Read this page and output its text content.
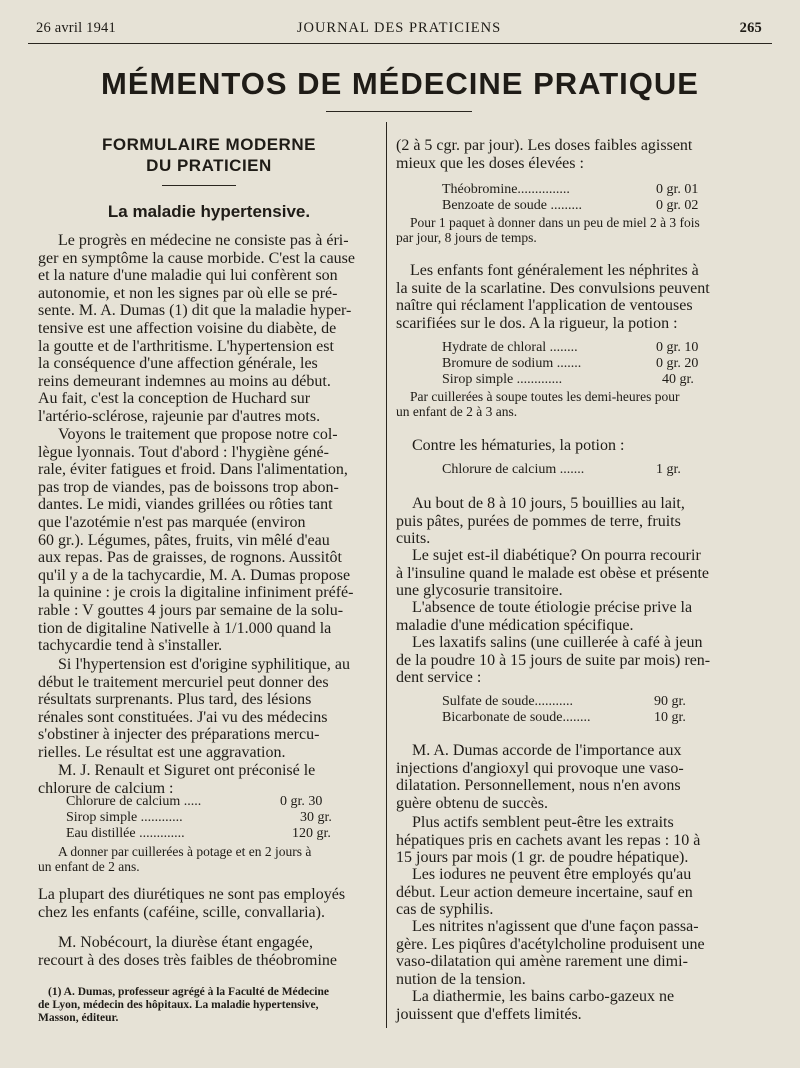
26 avril 1941	JOURNAL DES PRATICIENS	265
MÉMENTOS DE MÉDECINE PRATIQUE
FORMULAIRE MODERNE
DU PRATICIEN
La maladie hypertensive.

Le progrès en médecine ne consiste pas à éri-
ger en symptôme la cause morbide. C'est la cause
et la nature d'une maladie qui lui confèrent son
autonomie, et non les signes par où elle se pré-
sente. M. A. Dumas (1) dit que la maladie hyper-
tensive est une affection voisine du diabète, de
la goutte et de l'arthritisme. L'hypertension est
la conséquence d'une affection générale, les
reins demeurant indemnes au moins au début.
Au fait, c'est la conception de Huchard sur
l'artério-sclérose, rajeunie par d'autres mots.

Voyons le traitement que propose notre col-
lègue lyonnais. Tout d'abord : l'hygiène géné-
rale, éviter fatigues et froid. Dans l'alimentation,
pas trop de viandes, pas de boissons trop abon-
dantes. Le midi, viandes grillées ou rôties tant
que l'azotémie n'est pas marquée (environ
60 gr.). Légumes, pâtes, fruits, vin mêlé d'eau
aux repas. Pas de graisses, de rognons. Aussitôt
qu'il y a de la tachycardie, M. A. Dumas propose
la quinine : je crois la digitaline infiniment préfé-
rable : V gouttes 4 jours par semaine de la solu-
tion de digitaline Nativelle à 1/1.000 quand la
tachycardie tend à s'installer.

Si l'hypertension est d'origine syphilitique, au
début le traitement mercuriel peut donner des
résultats surprenants. Plus tard, des lésions
rénales sont constituées. J'ai vu des médecins
s'obstiner à injecter des préparations mercu-
rielles. Le résultat est une aggravation.

M. J. Renault et Siguret ont préconisé le
chlorure de calcium :

Chlorure de calcium .....	0 gr. 30
Sirop simple ............	30 gr.
Eau distillée .............	120 gr.

A donner par cuillerées à potage et en 2 jours à
un enfant de 2 ans.

La plupart des diurétiques ne sont pas employés
chez les enfants (caféine, scille, convallaria).

M. Nobécourt, la diurèse étant engagée,
recourt à des doses très faibles de théobromine

(1) A. Dumas, professeur agrégé à la Faculté de Médecine
de Lyon, médecin des hôpitaux. La maladie hypertensive,
Masson, éditeur.

(2 à 5 cgr. par jour). Les doses faibles agissent
mieux que les doses élevées :

Théobromine...............	0 gr. 01
Benzoate de soude .........	0 gr. 02

Pour 1 paquet à donner dans un peu de miel 2 à 3 fois
par jour, 8 jours de temps.

Les enfants font généralement les néphrites à
la suite de la scarlatine. Des convulsions peuvent
naître qui réclament l'application de ventouses
scarifiées sur le dos. A la rigueur, la potion :

Hydrate de chloral ........	0 gr. 10
Bromure de sodium .......	0 gr. 20
Sirop simple .............	40 gr.

Par cuillerées à soupe toutes les demi-heures pour
un enfant de 2 à 3 ans.

Contre les hématuries, la potion :

Chlorure de calcium .......	1 gr.

Au bout de 8 à 10 jours, 5 bouillies au lait,
puis pâtes, purées de pommes de terre, fruits
cuits.

Le sujet est-il diabétique? On pourra recourir
à l'insuline quand le malade est obèse et présente
une glycosurie transitoire.

L'absence de toute étiologie précise prive la
maladie d'une médication spécifique.

Les laxatifs salins (une cuillerée à café à jeun
de la poudre 10 à 15 jours de suite par mois) ren-
dent service :

Sulfate de soude...........	90 gr.
Bicarbonate de soude........	10 gr.

M. A. Dumas accorde de l'importance aux
injections d'angioxyl qui provoque une vaso-
dilatation. Personnellement, nous n'en avons
guère obtenu de succès.

Plus actifs semblent peut-être les extraits
hépatiques pris en cachets avant les repas : 10 à
15 jours par mois (1 gr. de poudre hépatique).

Les iodures ne peuvent être employés qu'au
début. Leur action demeure incertaine, sauf en
cas de syphilis.

Les nitrites n'agissent que d'une façon passa-
gère. Les piqûres d'acétylcholine produisent une
vaso-dilatation qui amène rarement une dimi-
nution de la tension.

La diathermie, les bains carbo-gazeux ne
jouissent que d'effets limités.
